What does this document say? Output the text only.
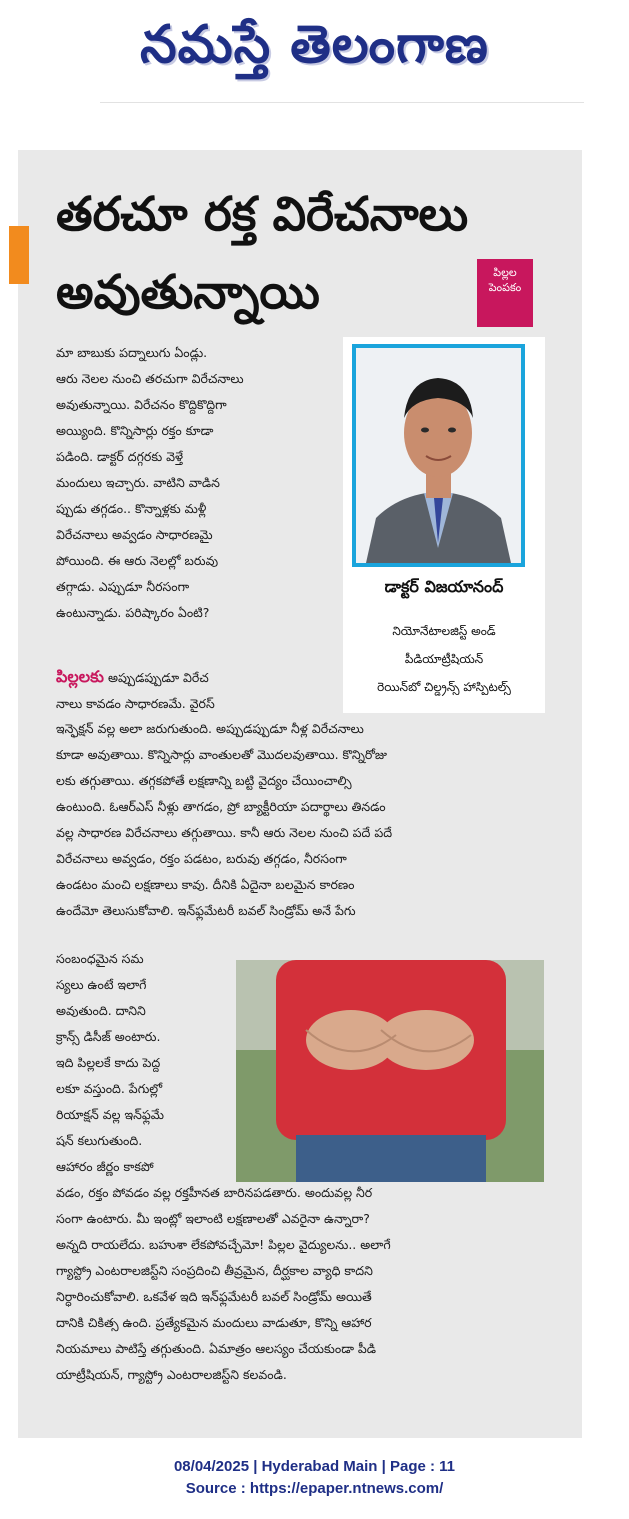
నమస్తే తెలంగాణ
తరచూ రక్త విరేచనాలు
అవుతున్నాయి	పిల్లల
పెంపకం
మా బాబుకు పద్నాలుగు ఏండ్లు.
ఆరు నెలల నుంచి తరచుగా విరేచనాలు
అవుతున్నాయి. విరేచనం కొద్దికొద్దిగా
అయ్యింది. కొన్నిసార్లు రక్తం కూడా
పడింది. డాక్టర్ దగ్గరకు వెళ్తే
మందులు ఇచ్చారు. వాటిని వాడిన
ప్పుడు తగ్గడం.. కొన్నాళ్లకు మళ్లీ
విరేచనాలు అవ్వడం సాధారణమై
పోయింది. ఈ ఆరు నెలల్లో బరువు
తగ్గాడు. ఎప్పుడూ నీరసంగా
ఉంటున్నాడు. పరిష్కారం ఏంటి?
డాక్టర్ విజయానంద్
నియోనేటాలజిస్ట్ అండ్
పీడియాట్రీషియన్
రెయిన్‌బో చిల్డ్రన్స్ హాస్పిటల్స్
పిల్లలకు అప్పుడప్పుడూ విరేచ
నాలు కావడం సాధారణమే. వైరస్
ఇన్ఫెక్షన్ వల్ల అలా జరుగుతుంది. అప్పుడప్పుడూ నీళ్ల విరేచనాలు
కూడా అవుతాయి. కొన్నిసార్లు వాంతులతో మొదలవుతాయి. కొన్నిరోజు
లకు తగ్గుతాయి. తగ్గకపోతే లక్షణాన్ని బట్టి వైద్యం చేయించాల్సి
ఉంటుంది. ఓఆర్ఎస్ నీళ్లు తాగడం, ప్రో బ్యాక్టీరియా పదార్థాలు తినడం
వల్ల సాధారణ విరేచనాలు తగ్గుతాయి. కానీ ఆరు నెలల నుంచి పదే పదే
విరేచనాలు అవ్వడం, రక్తం పడటం, బరువు తగ్గడం, నీరసంగా
ఉండటం మంచి లక్షణాలు కావు. దీనికి ఏదైనా బలమైన కారణం
ఉందేమో తెలుసుకోవాలి. ఇన్‌ఫ్లమేటరీ బవల్ సిండ్రోమ్ అనే పేగు
సంబంధమైన సమ
స్యలు ఉంటే ఇలాగే
అవుతుంది. దానిని
క్రాన్స్ డిసీజ్ అంటారు.
ఇది పిల్లలకే కాదు పెద్ద
లకూ వస్తుంది. పేగుల్లో
రియాక్షన్ వల్ల ఇన్‌ఫ్లమే
షన్ కలుగుతుంది.
ఆహారం జీర్ణం కాకపో
వడం, రక్తం పోవడం వల్ల రక్తహీనత బారినపడతారు. అందువల్ల నీర
సంగా ఉంటారు. మీ ఇంట్లో ఇలాంటి లక్షణాలతో ఎవరైనా ఉన్నారా?
అన్నది రాయలేదు. బహుశా లేకపోవచ్చేమో! పిల్లల వైద్యులను.. అలాగే
గ్యాస్ట్రో ఎంటరాలజిస్ట్‌ని సంప్రదించి తీవ్రమైన, దీర్ఘకాల వ్యాధి కాదని
నిర్ధారించుకోవాలి. ఒకవేళ ఇది ఇన్‌ఫ్లమేటరీ బవల్ సిండ్రోమ్ అయితే
దానికి చికిత్స ఉంది. ప్రత్యేకమైన మందులు వాడుతూ, కొన్ని ఆహార
నియమాలు పాటిస్తే తగ్గుతుంది. ఏమాత్రం ఆలస్యం చేయకుండా పీడి
యాట్రీషియన్, గ్యాస్ట్రో ఎంటరాలజిస్ట్‌ని కలవండి.
08/04/2025 | Hyderabad Main | Page : 11
Source : https://epaper.ntnews.com/
